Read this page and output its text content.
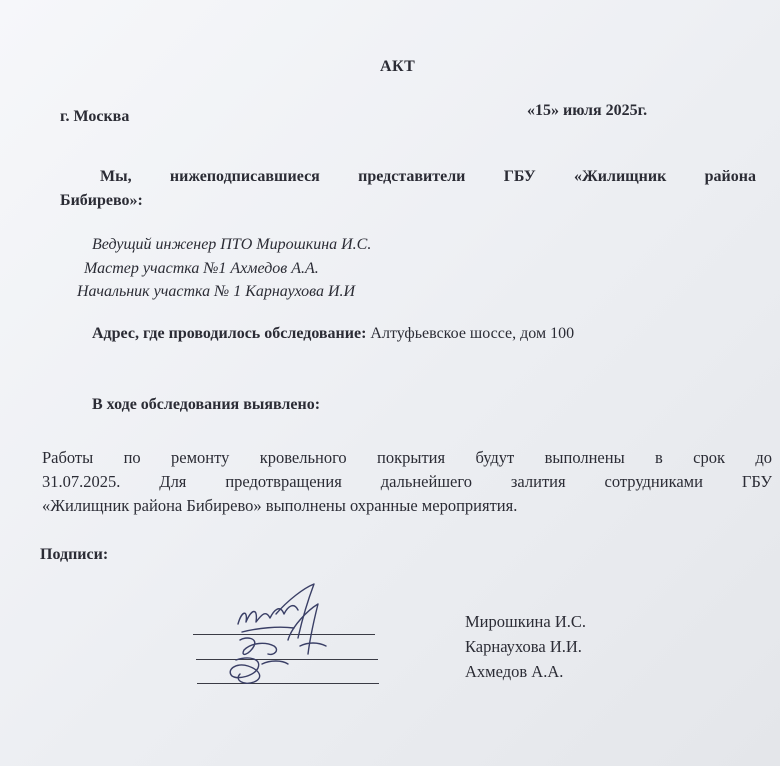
АКТ
г. Москва	«15» июля 2025г.
Мы, нижеподписавшиеся представители ГБУ «Жилищник района
Бибирево»:
Ведущий инженер ПТО Мирошкина И.С.
Мастер участка №1 Ахмедов А.А.
Начальник участка № 1 Карнаухова И.И
Адрес, где проводилось обследование: Алтуфьевское шоссе, дом 100
В ходе обследования выявлено:
Работы по ремонту кровельного покрытия будут выполнены в срок до
31.07.2025. Для предотвращения дальнейшего залития сотрудниками ГБУ
«Жилищник района Бибирево» выполнены охранные мероприятия.
Подписи:
Мирошкина И.С.
Карнаухова И.И.
Ахмедов А.А.
